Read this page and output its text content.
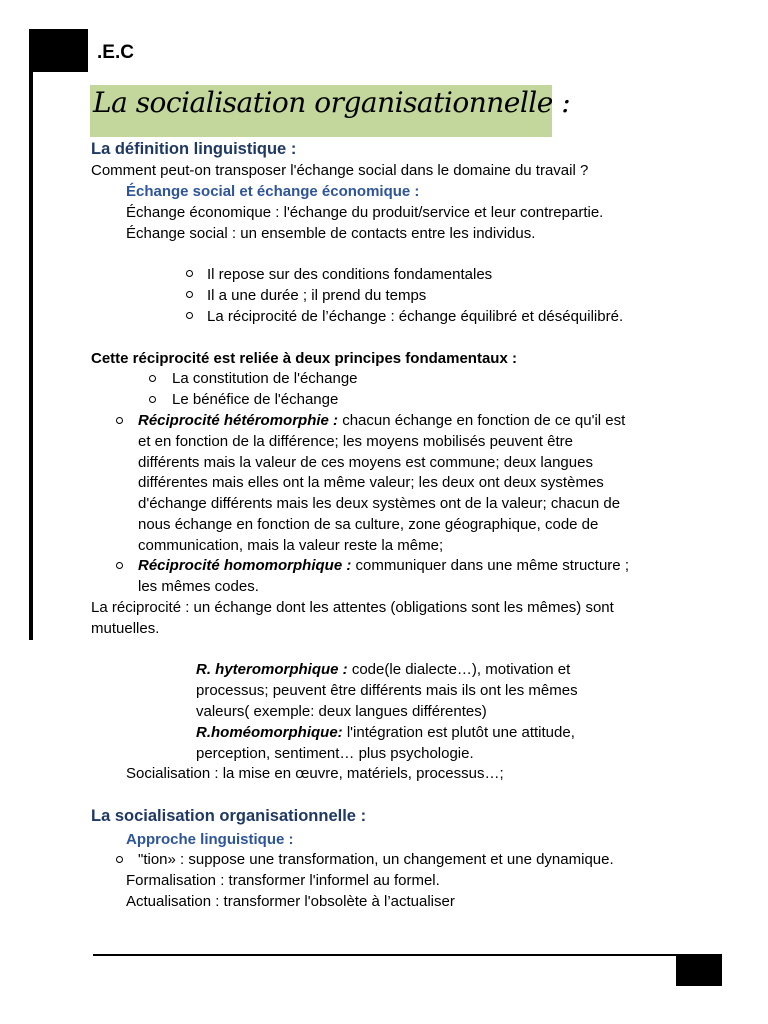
.E.C
La socialisation organisationnelle :
La définition linguistique :
Comment peut-on transposer l'échange social dans le domaine du travail ?
Échange social et échange économique :
Échange économique : l'échange du produit/service et leur contrepartie.
Échange social : un ensemble de contacts entre les individus.
Il repose sur des conditions fondamentales
Il a une durée ; il prend du temps
La réciprocité de l’échange : échange équilibré et déséquilibré.
Cette réciprocité est reliée à deux principes fondamentaux :
La constitution de l'échange
Le bénéfice de l'échange
Réciprocité hétéromorphie : chacun échange en fonction de ce qu'il est
et en fonction de la différence; les moyens mobilisés peuvent être
différents mais la valeur de ces moyens est commune; deux langues
différentes mais elles ont la même valeur; les deux ont deux systèmes
d'échange différents mais les deux systèmes ont de la valeur; chacun de
nous échange en fonction de sa culture, zone géographique, code de
communication, mais la valeur reste la même;
Réciprocité homomorphique : communiquer dans une même structure ;
les mêmes codes.
La réciprocité : un échange dont les attentes (obligations sont les mêmes) sont
mutuelles.
R. hyteromorphique : code(le dialecte…), motivation et
processus; peuvent être différents mais ils ont les mêmes
valeurs( exemple: deux langues différentes)
R.homéomorphique: l'intégration est plutôt une attitude,
perception, sentiment… plus psychologie.
Socialisation : la mise en œuvre, matériels, processus…;
La socialisation organisationnelle :
Approche linguistique :
"tion» : suppose une transformation, un changement et une dynamique.
Formalisation : transformer l'informel au formel.
Actualisation : transformer l'obsolète à l’actualiser
